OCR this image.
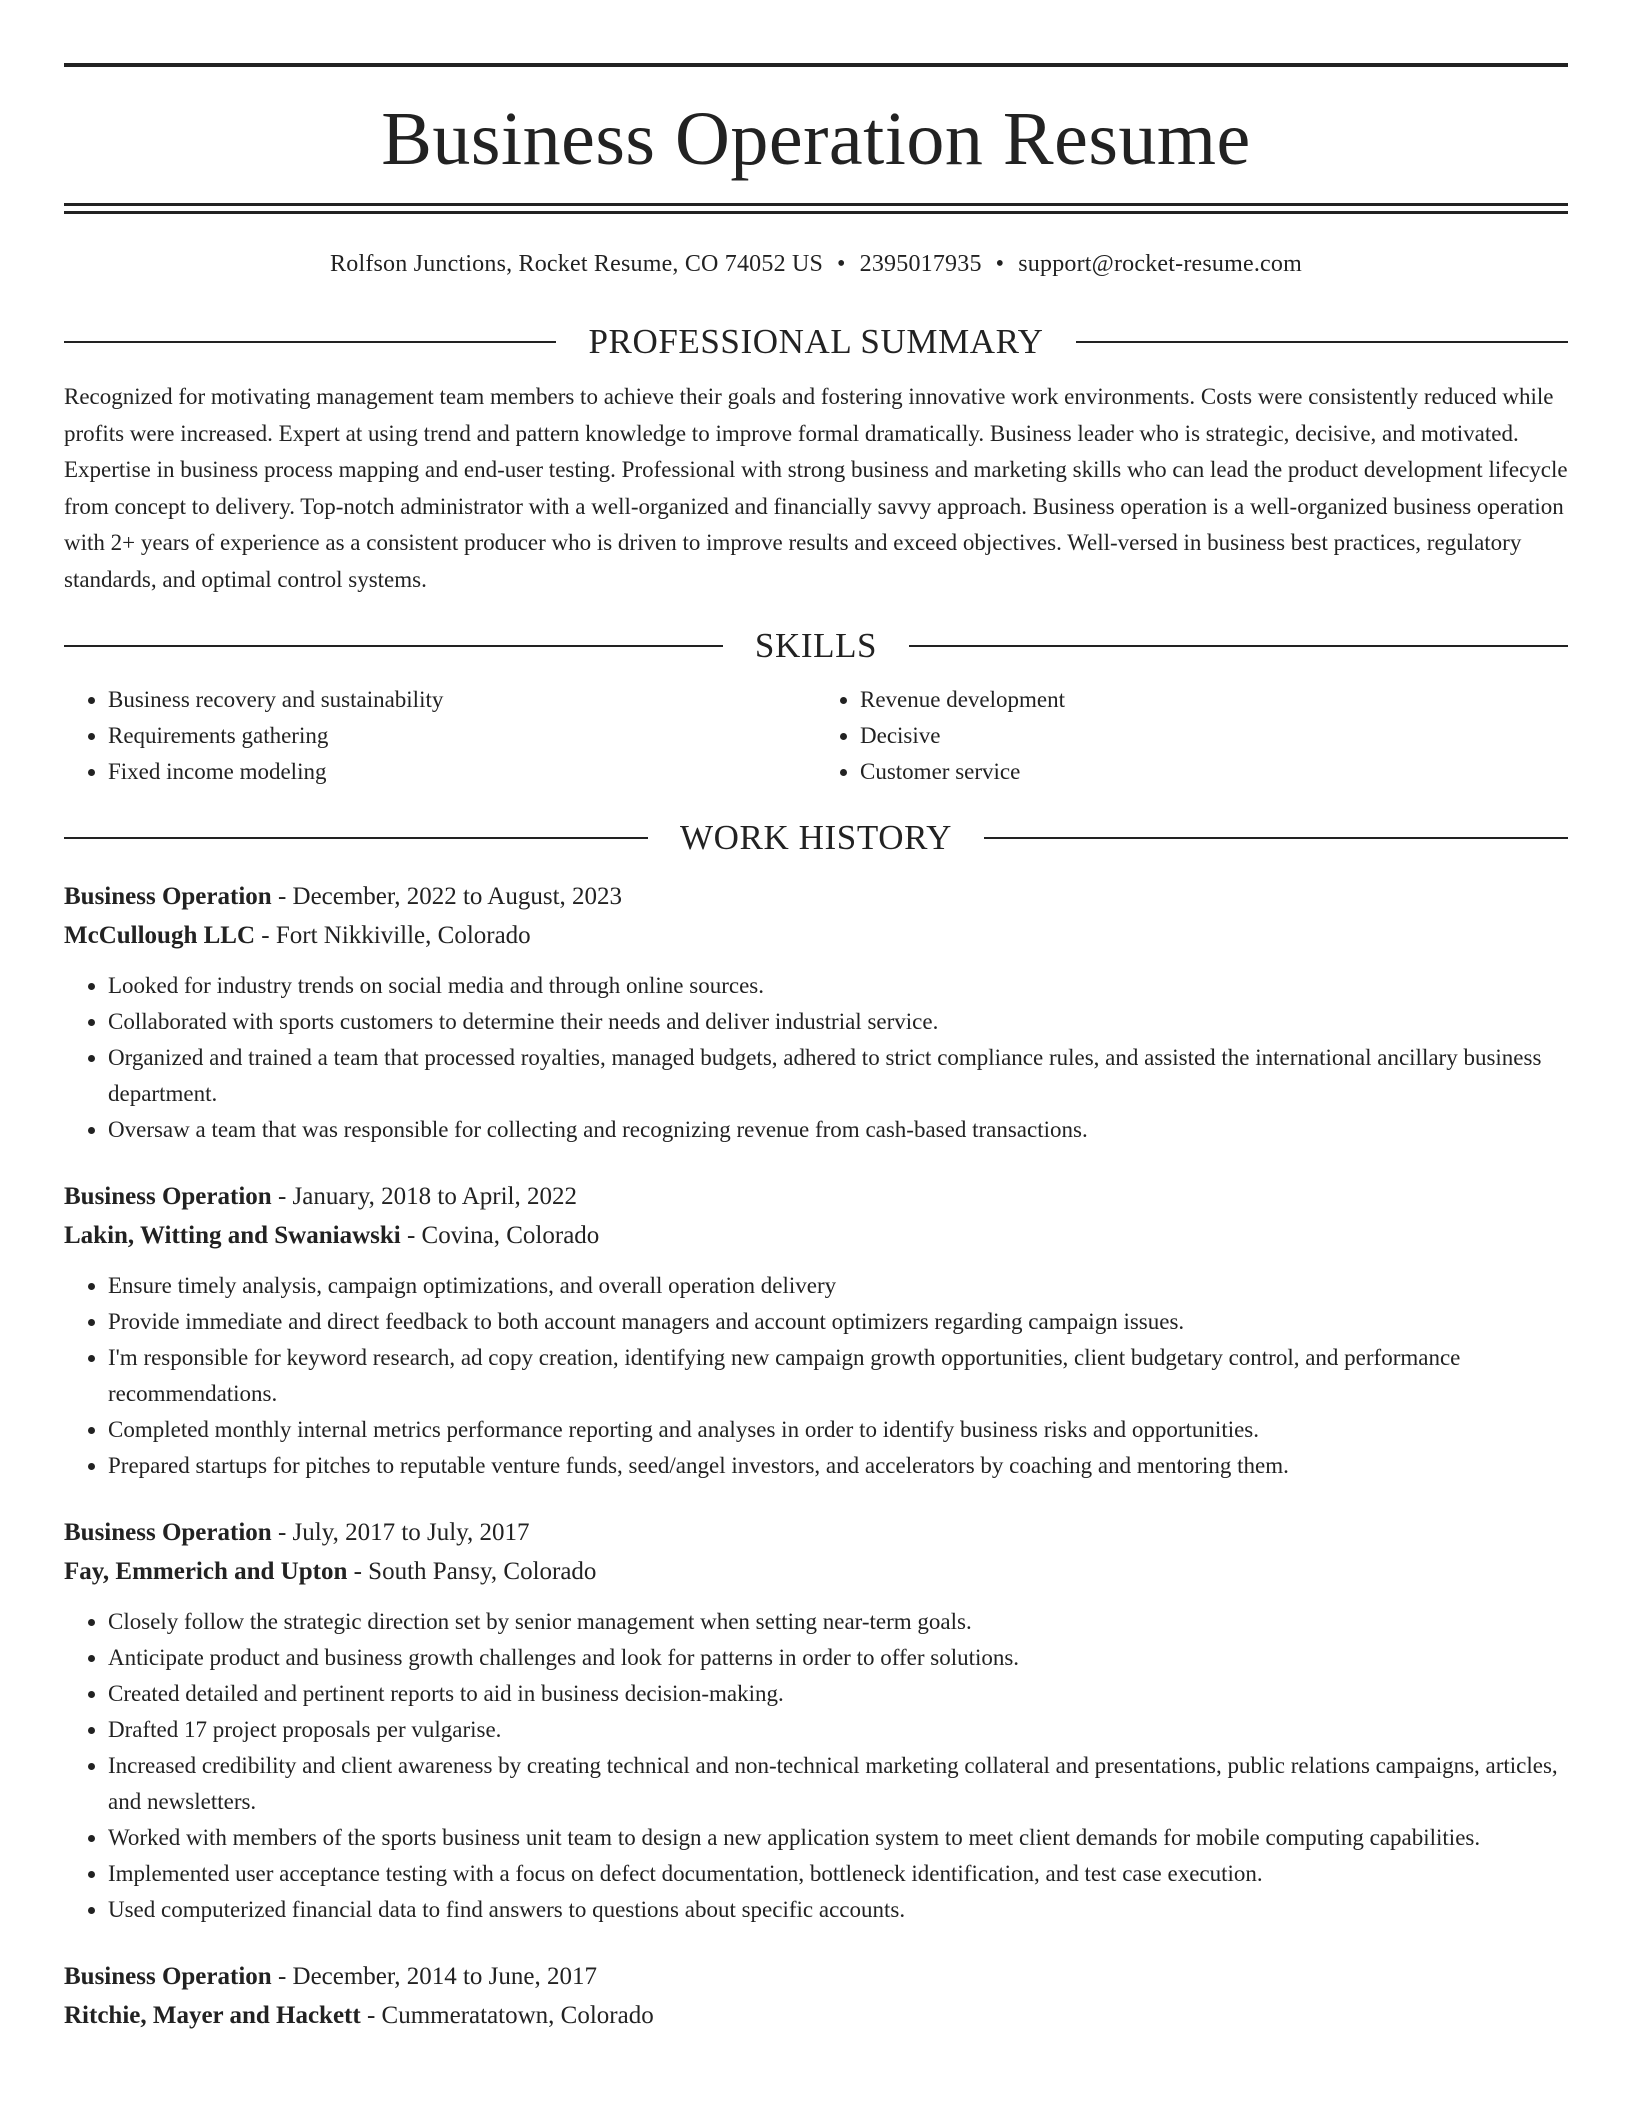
Business Operation Resume
Rolfson Junctions, Rocket Resume, CO 74052 US • 2395017935 • support@rocket-resume.com
PROFESSIONAL SUMMARY
Recognized for motivating management team members to achieve their goals and fostering innovative work environments. Costs were consistently reduced while profits were increased. Expert at using trend and pattern knowledge to improve formal dramatically. Business leader who is strategic, decisive, and motivated. Expertise in business process mapping and end-user testing. Professional with strong business and marketing skills who can lead the product development lifecycle from concept to delivery. Top-notch administrator with a well-organized and financially savvy approach. Business operation is a well-organized business operation with 2+ years of experience as a consistent producer who is driven to improve results and exceed objectives. Well-versed in business best practices, regulatory standards, and optimal control systems.
SKILLS
• Business recovery and sustainability
• Requirements gathering
• Fixed income modeling
• Revenue development
• Decisive
• Customer service
WORK HISTORY
Business Operation - December, 2022 to August, 2023
McCullough LLC - Fort Nikkiville, Colorado
• Looked for industry trends on social media and through online sources.
• Collaborated with sports customers to determine their needs and deliver industrial service.
• Organized and trained a team that processed royalties, managed budgets, adhered to strict compliance rules, and assisted the international ancillary business department.
• Oversaw a team that was responsible for collecting and recognizing revenue from cash-based transactions.
Business Operation - January, 2018 to April, 2022
Lakin, Witting and Swaniawski - Covina, Colorado
• Ensure timely analysis, campaign optimizations, and overall operation delivery
• Provide immediate and direct feedback to both account managers and account optimizers regarding campaign issues.
• I'm responsible for keyword research, ad copy creation, identifying new campaign growth opportunities, client budgetary control, and performance recommendations.
• Completed monthly internal metrics performance reporting and analyses in order to identify business risks and opportunities.
• Prepared startups for pitches to reputable venture funds, seed/angel investors, and accelerators by coaching and mentoring them.
Business Operation - July, 2017 to July, 2017
Fay, Emmerich and Upton - South Pansy, Colorado
• Closely follow the strategic direction set by senior management when setting near-term goals.
• Anticipate product and business growth challenges and look for patterns in order to offer solutions.
• Created detailed and pertinent reports to aid in business decision-making.
• Drafted 17 project proposals per vulgarise.
• Increased credibility and client awareness by creating technical and non-technical marketing collateral and presentations, public relations campaigns, articles, and newsletters.
• Worked with members of the sports business unit team to design a new application system to meet client demands for mobile computing capabilities.
• Implemented user acceptance testing with a focus on defect documentation, bottleneck identification, and test case execution.
• Used computerized financial data to find answers to questions about specific accounts.
Business Operation - December, 2014 to June, 2017
Ritchie, Mayer and Hackett - Cummeratatown, Colorado
